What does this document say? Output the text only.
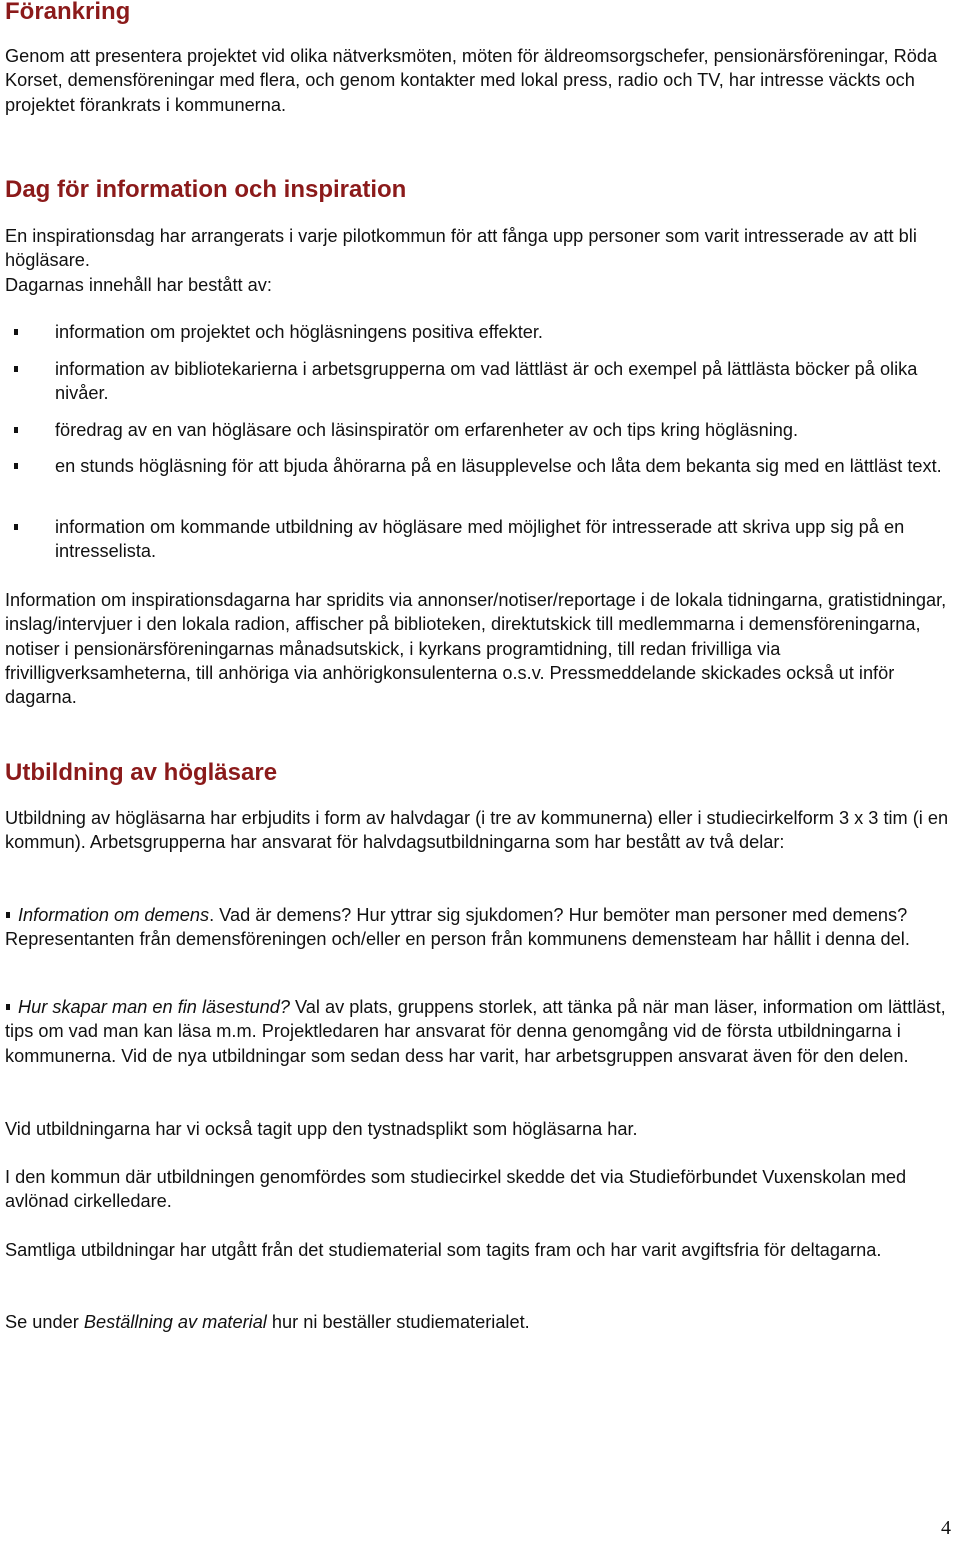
Förankring

Genom att presentera projektet vid olika nätverksmöten, möten för äldreomsorgschefer, pensionärsföreningar, Röda Korset, demensföreningar med flera, och genom kontakter med lokal press, radio och TV, har intresse väckts och projektet förankrats i kommunerna.

Dag för information och inspiration

En inspirationsdag har arrangerats i varje pilotkommun för att fånga upp personer som varit intresserade av att bli högläsare.

Dagarnas innehåll har bestått av:

information om projektet och högläsningens positiva effekter.
information av bibliotekarierna i arbetsgrupperna om vad lättläst är och exempel på lättlästa böcker på olika nivåer.
föredrag av en van högläsare och läsinspiratör om erfarenheter av och tips kring högläsning.
en stunds högläsning för att bjuda åhörarna på en läsupplevelse och låta dem bekanta sig med en lättläst text.
information om kommande utbildning av högläsare med möjlighet för intresserade att skriva upp sig på en intresselista.

Information om inspirationsdagarna har spridits via annonser/notiser/reportage i de lokala tidningarna, gratistidningar, inslag/intervjuer i den lokala radion, affischer på biblioteken, direktutskick till medlemmarna i demensföreningarna, notiser i pensionärsföreningarnas månadsutskick, i kyrkans programtidning, till redan frivilliga via frivilligverksamheterna, till anhöriga via anhörigkonsulenterna o.s.v. Pressmeddelande skickades också ut inför dagarna.

Utbildning av högläsare

Utbildning av högläsarna har erbjudits i form av halvdagar (i tre av kommunerna) eller i studiecirkelform 3 x 3 tim (i en kommun). Arbetsgrupperna har ansvarat för halvdagsutbildningarna som har bestått av två delar:

Information om demens. Vad är demens? Hur yttrar sig sjukdomen? Hur bemöter man personer med demens? Representanten från demensföreningen och/eller en person från kommunens demensteam har hållit i denna del.

Hur skapar man en fin läsestund? Val av plats, gruppens storlek, att tänka på när man läser, information om lättläst, tips om vad man kan läsa m.m. Projektledaren har ansvarat för denna genomgång vid de första utbildningarna i kommunerna. Vid de nya utbildningar som sedan dess har varit, har arbetsgruppen ansvarat även för den delen.

Vid utbildningarna har vi också tagit upp den tystnadsplikt som högläsarna har.

I den kommun där utbildningen genomfördes som studiecirkel skedde det via Studieförbundet Vuxenskolan med avlönad cirkelledare.

Samtliga utbildningar har utgått från det studiematerial som tagits fram och har varit avgiftsfria för deltagarna.

Se under Beställning av material hur ni beställer studiematerialet.

4
